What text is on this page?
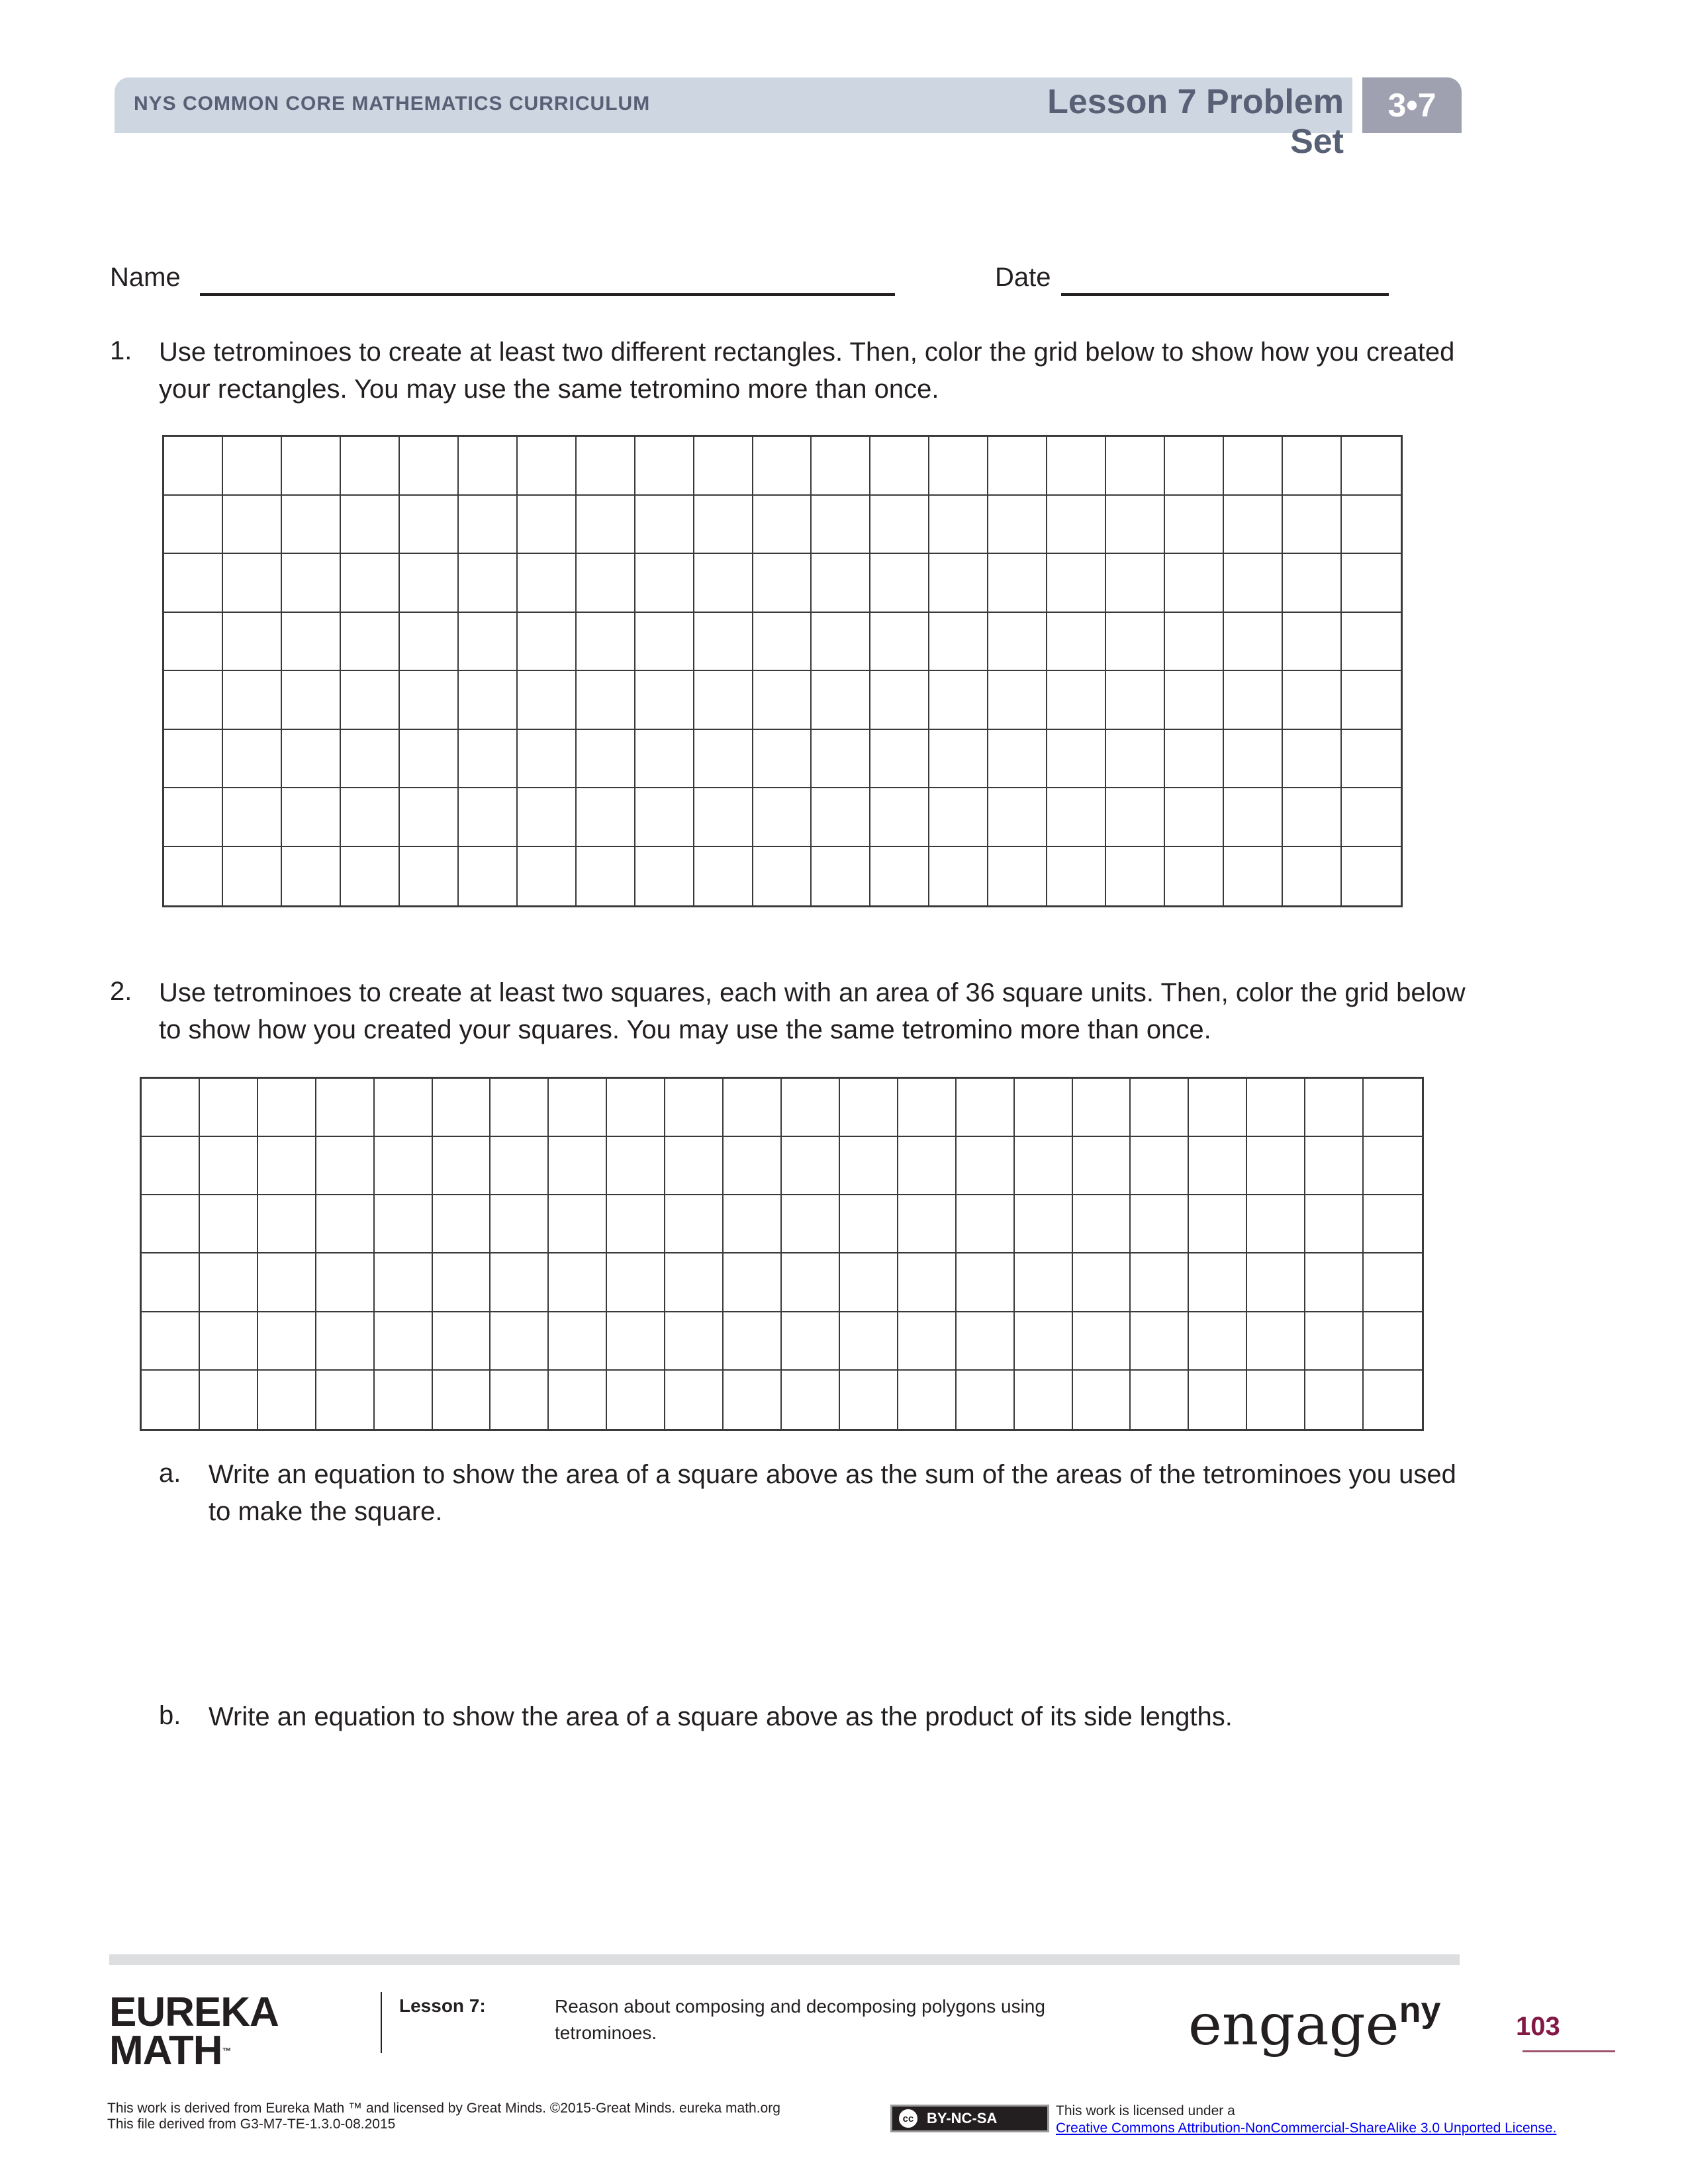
NYS COMMON CORE MATHEMATICS CURRICULUM	Lesson 7 Problem Set
3•7
Name	Date
1. Use tetrominoes to create at least two different rectangles. Then, color the grid below to show how you created your rectangles. You may use the same tetromino more than once.
2. Use tetrominoes to create at least two squares, each with an area of 36 square units. Then, color the grid below to show how you created your squares. You may use the same tetromino more than once.
a. Write an equation to show the area of a square above as the sum of the areas of the tetrominoes you used to make the square.
b. Write an equation to show the area of a square above as the product of its side lengths.
EUREKA
MATH™
Lesson 7:	Reason about composing and decomposing polygons using tetrominoes.	engage$^{ny}$	103
This work is derived from Eureka Math ™ and licensed by Great Minds. ©2015-Great Minds. eureka math.org
This file derived from G3-M7-TE-1.3.0-08.2015	cc BY-NC-SA	This work is licensed under a
Creative Commons Attribution-NonCommercial-ShareAlike 3.0 Unported License.
